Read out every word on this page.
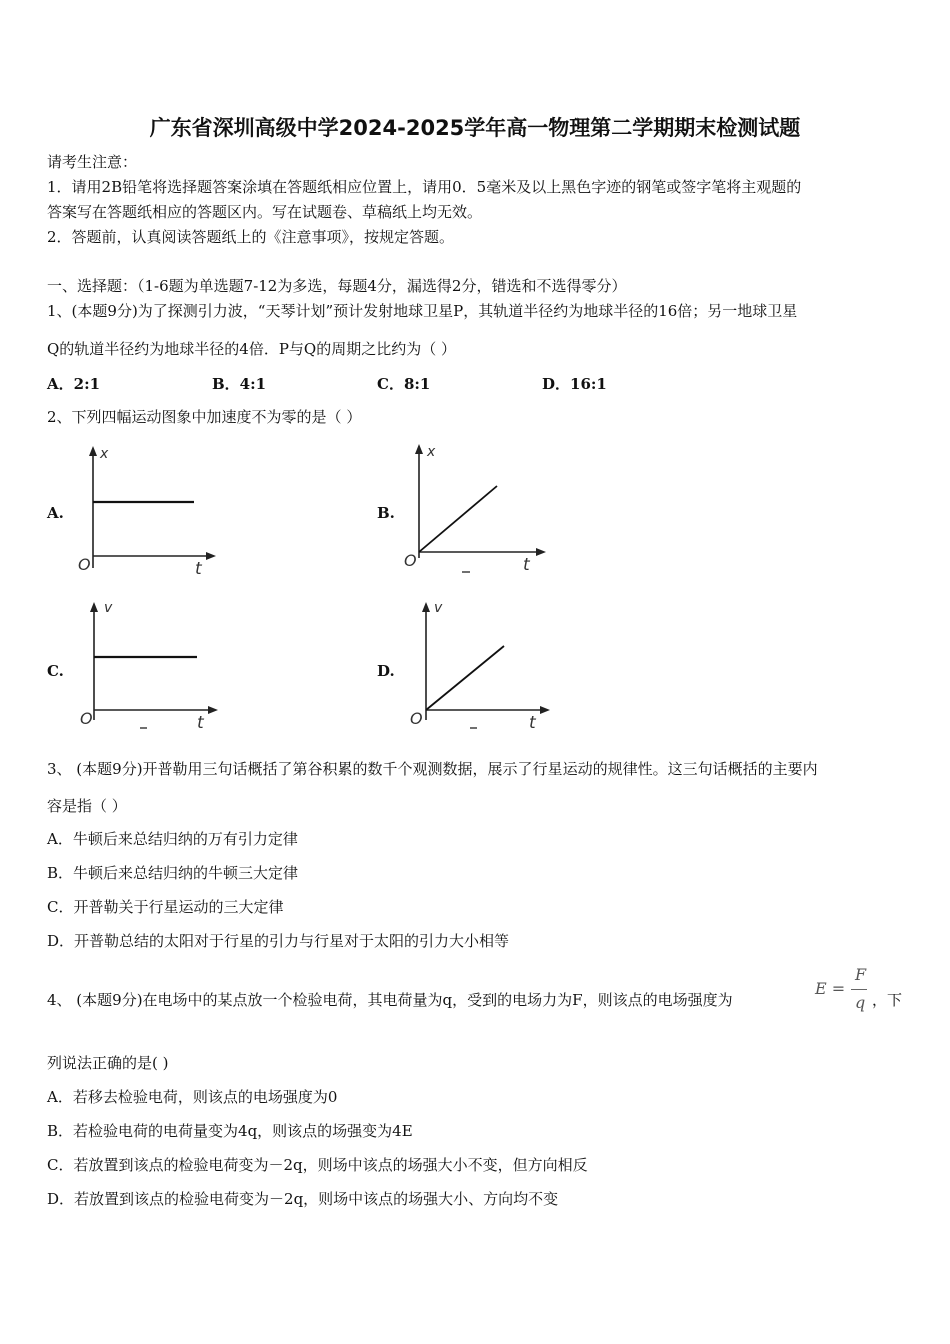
广东省深圳高级中学2024-2025学年高一物理第二学期期末检测试题
请考生注意：
1．请用2B铅笔将选择题答案涂填在答题纸相应位置上，请用0．5毫米及以上黑色字迹的钢笔或签字笔将主观题的
答案写在答题纸相应的答题区内。写在试题卷、草稿纸上均无效。
2．答题前，认真阅读答题纸上的《注意事项》，按规定答题。
一、选择题：（1-6题为单选题7-12为多选，每题4分，漏选得2分，错选和不选得零分）
1、(本题9分)为了探测引力波，“天琴计划”预计发射地球卫星P，其轨道半径约为地球半径的16倍；另一地球卫星
Q的轨道半径约为地球半径的4倍．P与Q的周期之比约为（ ）
A．2:1	B．4:1	C．8:1	D．16:1
2、下列四幅运动图象中加速度不为零的是（ ）
A.
x
t
O
B.
x
t
O
C.
v
t
O
D.
v
t
O
3、 (本题9分)开普勒用三句话概括了第谷积累的数千个观测数据，展示了行星运动的规律性。这三句话概括的主要内
容是指（ ）
A．牛顿后来总结归纳的万有引力定律
B．牛顿后来总结归纳的牛顿三大定律
C．开普勒关于行星运动的三大定律
D．开普勒总结的太阳对于行星的引力与行星对于太阳的引力大小相等
4、 (本题9分)在电场中的某点放一个检验电荷，其电荷量为q，受到的电场力为F，则该点的电场强度为
E =
F
q ，下
列说法正确的是( )
A．若移去检验电荷，则该点的电场强度为0
B．若检验电荷的电荷量变为4q，则该点的场强变为4E
C．若放置到该点的检验电荷变为－2q，则场中该点的场强大小不变，但方向相反
D．若放置到该点的检验电荷变为－2q，则场中该点的场强大小、方向均不变
